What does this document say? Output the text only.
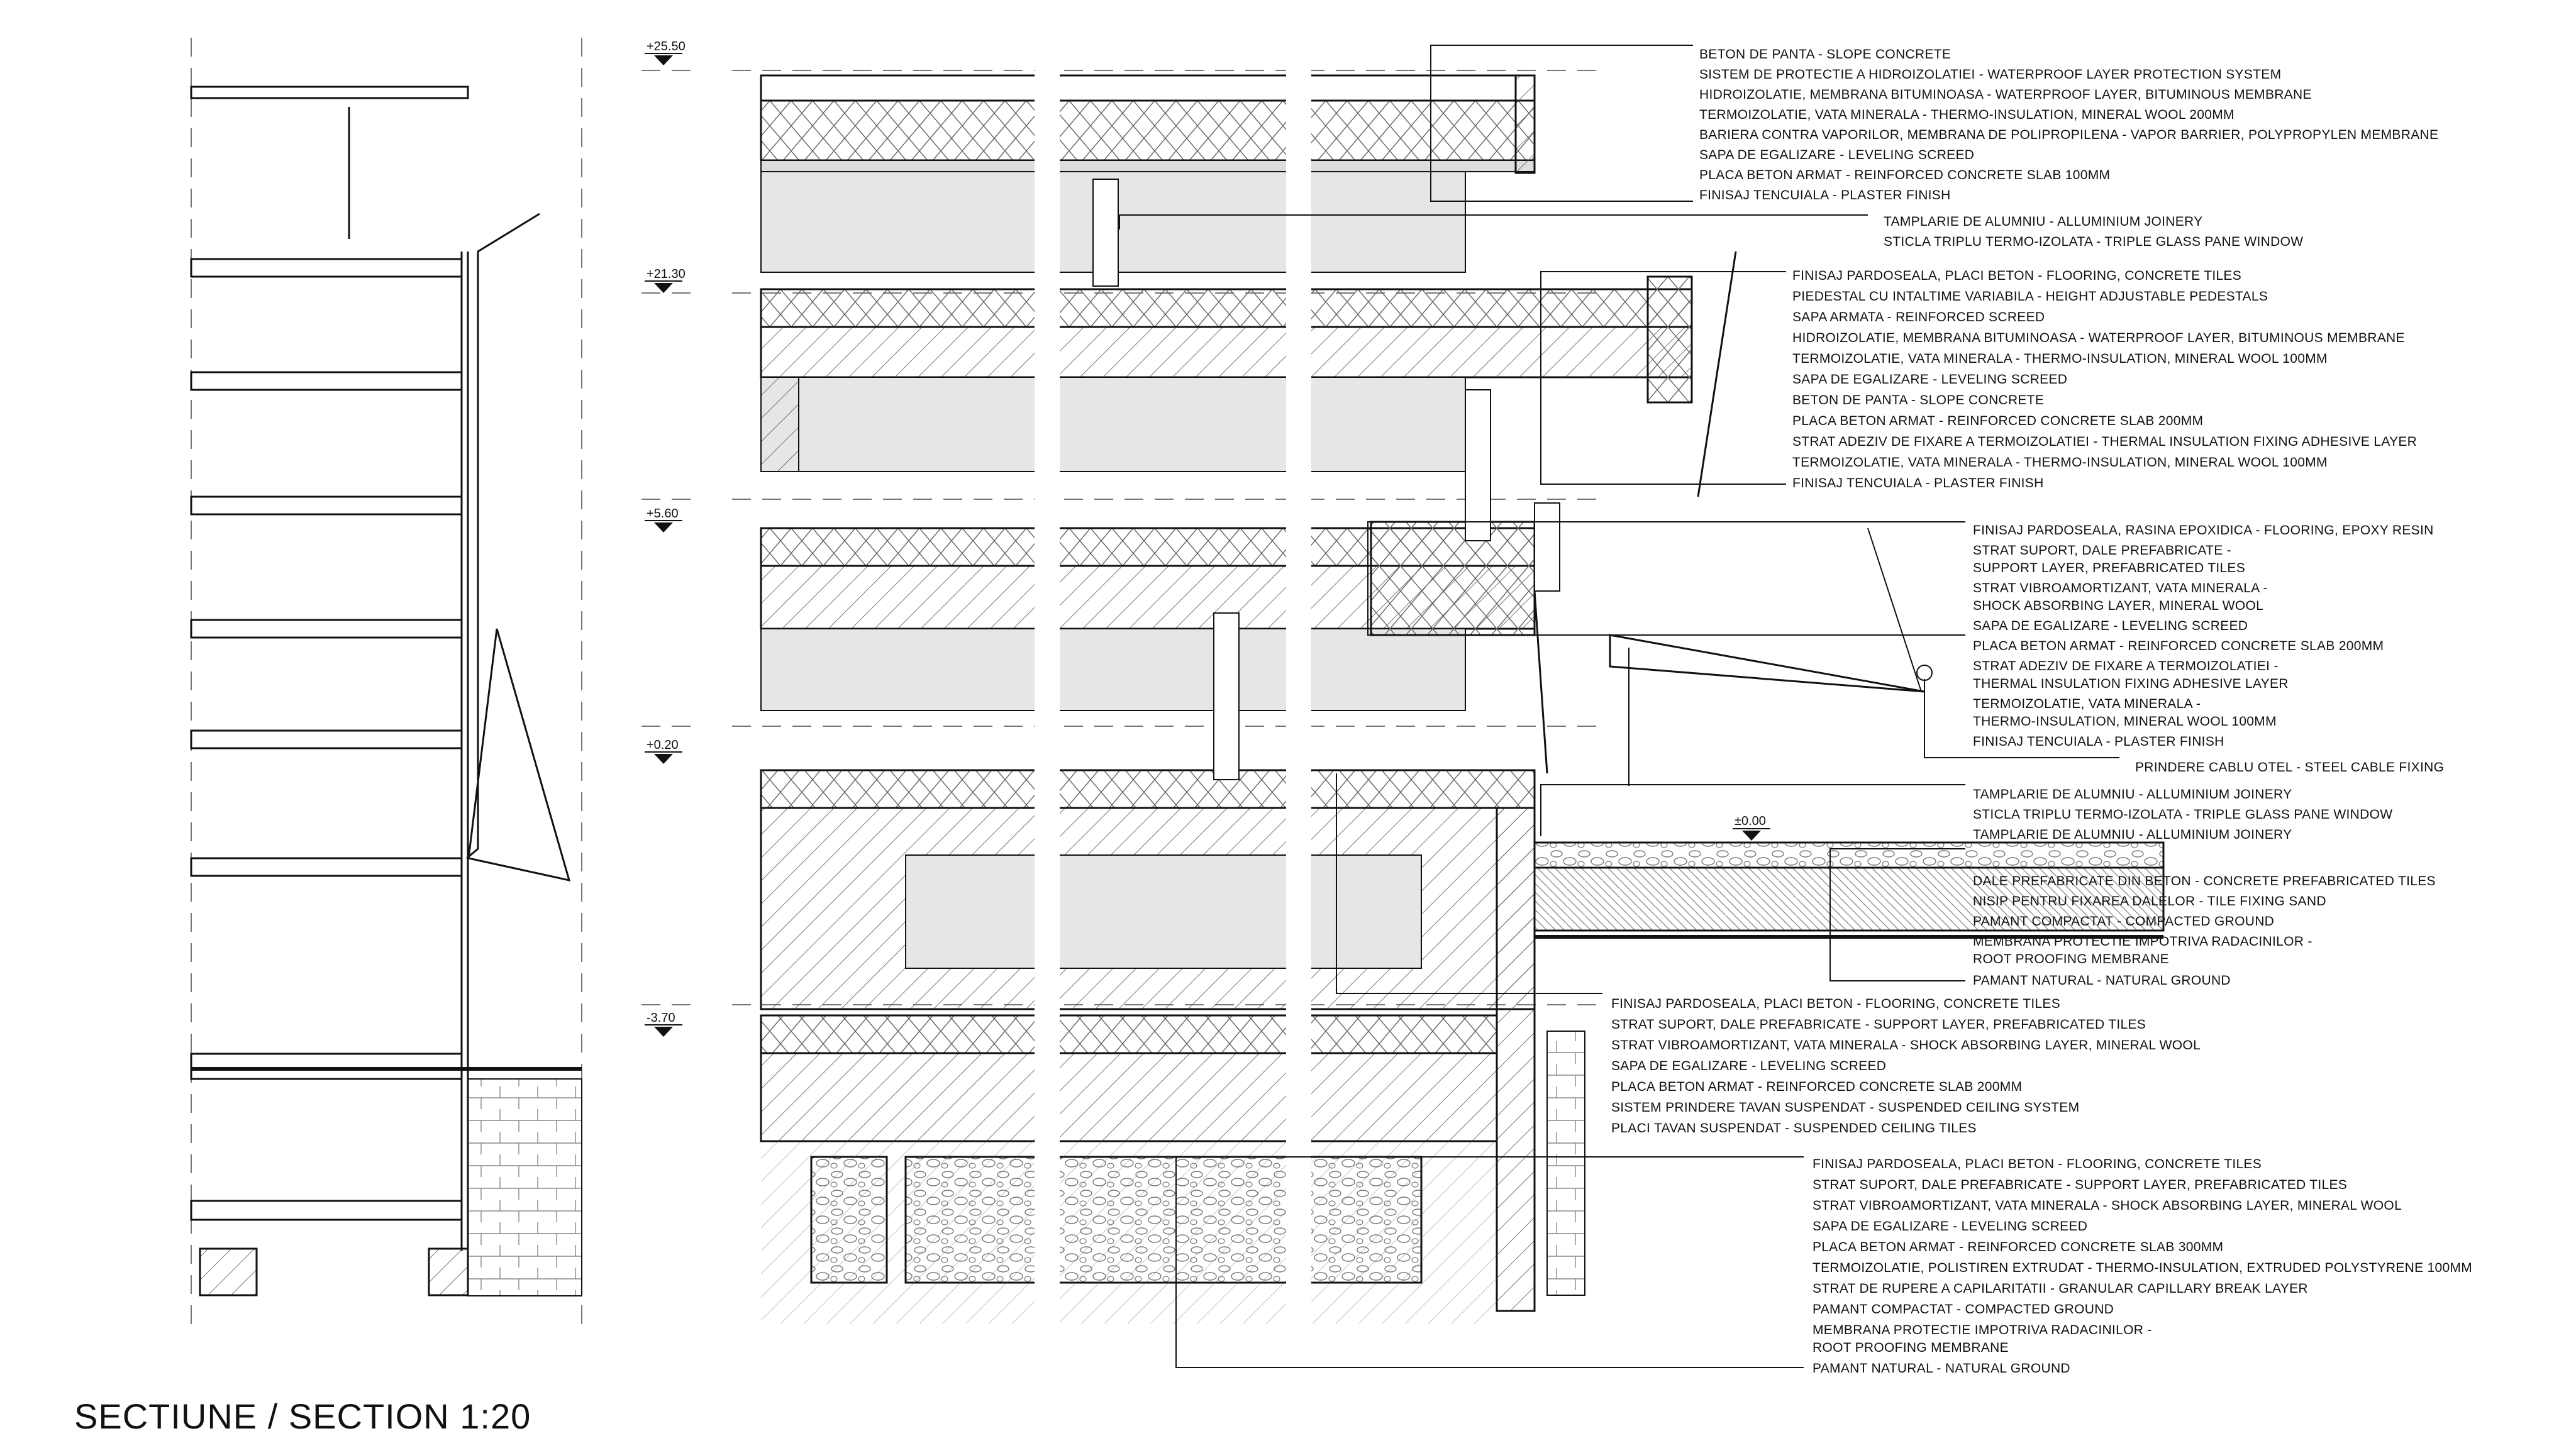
+25.50
+21.30
+5.60
+0.20
-3.70
±0.00
BETON DE PANTA - SLOPE CONCRETE
SISTEM DE PROTECTIE A HIDROIZOLATIEI - WATERPROOF LAYER PROTECTION SYSTEM
HIDROIZOLATIE, MEMBRANA BITUMINOASA - WATERPROOF LAYER, BITUMINOUS MEMBRANE
TERMOIZOLATIE, VATA MINERALA - THERMO-INSULATION, MINERAL WOOL 200MM
BARIERA CONTRA VAPORILOR, MEMBRANA DE POLIPROPILENA - VAPOR BARRIER, POLYPROPYLEN MEMBRANE
SAPA DE EGALIZARE - LEVELING SCREED
PLACA BETON ARMAT - REINFORCED CONCRETE SLAB 100MM
FINISAJ TENCUIALA - PLASTER FINISH
TAMPLARIE DE ALUMNIU - ALLUMINIUM JOINERY
STICLA TRIPLU TERMO-IZOLATA - TRIPLE GLASS PANE WINDOW
FINISAJ PARDOSEALA, PLACI BETON - FLOORING, CONCRETE TILES
PIEDESTAL CU INTALTIME VARIABILA - HEIGHT ADJUSTABLE PEDESTALS
SAPA ARMATA - REINFORCED SCREED
HIDROIZOLATIE, MEMBRANA BITUMINOASA - WATERPROOF LAYER, BITUMINOUS MEMBRANE
TERMOIZOLATIE, VATA MINERALA - THERMO-INSULATION, MINERAL WOOL 100MM
SAPA DE EGALIZARE - LEVELING SCREED
BETON DE PANTA - SLOPE CONCRETE
PLACA BETON ARMAT - REINFORCED CONCRETE SLAB 200MM
STRAT ADEZIV DE FIXARE A TERMOIZOLATIEI - THERMAL INSULATION FIXING ADHESIVE LAYER
TERMOIZOLATIE, VATA MINERALA - THERMO-INSULATION, MINERAL WOOL 100MM
FINISAJ TENCUIALA - PLASTER FINISH
FINISAJ PARDOSEALA, RASINA EPOXIDICA - FLOORING, EPOXY RESIN
STRAT SUPORT, DALE PREFABRICATE -
SUPPORT LAYER, PREFABRICATED TILES
STRAT VIBROAMORTIZANT, VATA MINERALA -
SHOCK ABSORBING LAYER, MINERAL WOOL
SAPA DE EGALIZARE - LEVELING SCREED
PLACA BETON ARMAT - REINFORCED CONCRETE SLAB 200MM
STRAT ADEZIV DE FIXARE A TERMOIZOLATIEI -
THERMAL INSULATION FIXING ADHESIVE LAYER
TERMOIZOLATIE, VATA MINERALA -
THERMO-INSULATION, MINERAL WOOL 100MM
FINISAJ TENCUIALA - PLASTER FINISH
PRINDERE CABLU OTEL - STEEL CABLE FIXING
TAMPLARIE DE ALUMNIU - ALLUMINIUM JOINERY
STICLA TRIPLU TERMO-IZOLATA - TRIPLE GLASS PANE WINDOW
TAMPLARIE DE ALUMNIU - ALLUMINIUM JOINERY
DALE PREFABRICATE DIN BETON - CONCRETE PREFABRICATED TILES
NISIP PENTRU FIXAREA DALELOR - TILE FIXING SAND
PAMANT COMPACTAT - COMPACTED GROUND
MEMBRANA PROTECTIE IMPOTRIVA RADACINILOR -
ROOT PROOFING MEMBRANE
PAMANT NATURAL - NATURAL GROUND
FINISAJ PARDOSEALA, PLACI BETON - FLOORING, CONCRETE TILES
STRAT SUPORT, DALE PREFABRICATE - SUPPORT LAYER, PREFABRICATED TILES
STRAT VIBROAMORTIZANT, VATA MINERALA - SHOCK ABSORBING LAYER, MINERAL WOOL
SAPA DE EGALIZARE - LEVELING SCREED
PLACA BETON ARMAT - REINFORCED CONCRETE SLAB 200MM
SISTEM PRINDERE TAVAN SUSPENDAT - SUSPENDED CEILING SYSTEM
PLACI TAVAN SUSPENDAT - SUSPENDED CEILING TILES
FINISAJ PARDOSEALA, PLACI BETON - FLOORING, CONCRETE TILES
STRAT SUPORT, DALE PREFABRICATE - SUPPORT LAYER, PREFABRICATED TILES
STRAT VIBROAMORTIZANT, VATA MINERALA - SHOCK ABSORBING LAYER, MINERAL WOOL
SAPA DE EGALIZARE - LEVELING SCREED
PLACA BETON ARMAT - REINFORCED CONCRETE SLAB 300MM
TERMOIZOLATIE, POLISTIREN EXTRUDAT - THERMO-INSULATION, EXTRUDED POLYSTYRENE 100MM
STRAT DE RUPERE A CAPILARITATII - GRANULAR CAPILLARY BREAK LAYER
PAMANT COMPACTAT - COMPACTED GROUND
MEMBRANA PROTECTIE IMPOTRIVA RADACINILOR -
ROOT PROOFING MEMBRANE
PAMANT NATURAL - NATURAL GROUND
SECTIUNE / SECTION 1:20
